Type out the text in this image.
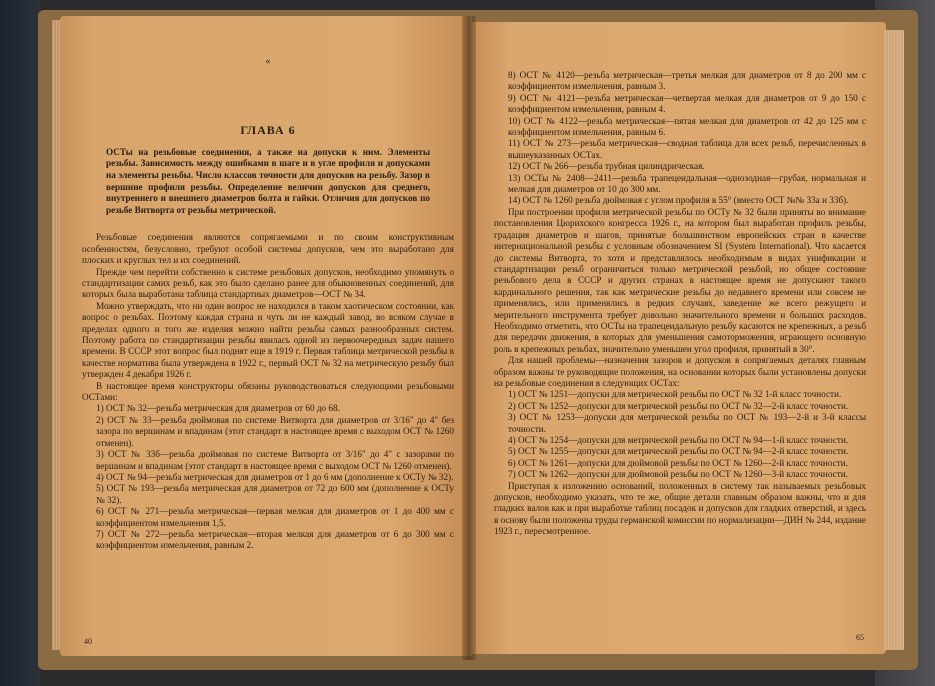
«
ГЛАВА 6
ОСТы на резьбовые соединения, а также на допуски к ним. Элементы резьбы. Зависимость между ошибками в шаге и в угле профиля и допусками на элементы резьбы. Число классов точности для допусков на резьбу. Зазор в вершине профиля резьбы. Определение величин допусков для среднего, внутреннего и внешнего диаметров болта и гайки. Отличия для допусков по резьбе Витворта от резьбы метрической.

Резьбовые соединения являются сопрягаемыми и по своим конструктивным особенностям, безусловно, требуют особой системы допусков, чем это выработано для плоских и круглых тел и их соединений.

Прежде чем перейти собственно к системе резьбовых допусков, необходимо упомянуть о стандартизации самих резьб, как это было сделано ранее для обыкновенных соединений, для которых была выработана таблица стандартных диаметров—ОСТ № 34.

Можно утверждать, что ни один вопрос не находился в таком хаотическом состоянии, как вопрос о резьбах. Поэтому каждая страна и чуть ли не каждый завод, во всяком случае в пределах одного и того же изделия можно найти резьбы самых разнообразных систем. Поэтому работа по стандартизации резьбы явилась одной из первоочередных задач нашего времени. В СССР этот вопрос был поднят еще в 1919 г. Первая таблица метрической резьбы в качестве норматива была утверждена в 1922 г., первый ОСТ № 32 на метрическую резьбу был утвержден 4 декабря 1926 г.

В настоящее время конструкторы обязаны руководствоваться следующими резьбовыми ОСТами:

1) ОСТ № 32—резьба метрическая для диаметров от 60 до 68.
2) ОСТ № 33—резьба дюймовая по системе Витворта для диаметров от 3/16" до 4" без зазора по вершинам и впадинам (этот стандарт в настоящее время с выходом ОСТ № 1260 отменен).
3) ОСТ № 33б—резьба дюймовая по системе Витворта от 3/16" до 4" с зазорами по вершинам и впадинам (этот стандарт в настоящее время с выходом ОСТ № 1260 отменен).
4) ОСТ № 94—резьба метрическая для диаметров от 1 до 6 мм (дополнение к ОСТу № 32).
5) ОСТ № 193—резьба метрическая для диаметров от 72 до 600 мм (дополнение к ОСТу № 32).
6) ОСТ № 271—резьба метрическая—первая мелкая для диаметров от 1 до 400 мм с коэффициентом измельчения 1,5.
7) ОСТ № 272—резьба метрическая—вторая мелкая для диаметров от 6 до 300 мм с коэффициентом измельчения, равным 2.
40
8) ОСТ № 4120—резьба метрическая—третья мелкая для диаметров от 8 до 200 мм с коэффициентом измельчения, равным 3.
9) ОСТ № 4121—резьба метрическая—четвертая мелкая для диаметров от 9 до 150 с коэффициентом измельчения, равным 4.
10) ОСТ № 4122—резьба метрическая—пятая мелкая для диаметров от 42 до 125 мм с коэффициентом измельчения, равным 6.
11) ОСТ № 273—резьба метрическая—сводная таблица для всех резьб, перечисленных в вышеуказанных ОСТах.
12) ОСТ № 266—резьба трубная цилиндрическая.
13) ОСТы № 2408—2411—резьба трапецеидальная—однозодная—грубая, нормальная и мелкая для диаметров от 10 до 300 мм.
14) ОСТ № 1260 резьба дюймовая с углом профиля в 55° (вместо ОСТ №№ 33а и 33б).

При построении профиля метрической резьбы по ОСТу № 32 были приняты во внимание постановления Цюрихского конгресса 1926 г., на котором был выработан профиль резьбы, градация диаметров и шагов, принятые большинством европейских стран в качестве интернациональной резьбы с условным обозначением SI (System International). Что касается до системы Витворта, то хотя и представлялось необходимым в видах унификации и стандартизации резьб ограничиться только метрической резьбой, но общее состояние резьбового дела в СССР и других странах в настоящее время не допускают такого кардинального решения, так как метрические резьбы до недавнего времени или совсем не применялись, или применялись в редких случаях, заведение же всего режущего и мерительного инструмента требует довольно значительного времени и больших расходов. Необходимо отметить, что ОСТы на трапецеидальную резьбу касаются не крепежных, а резьб для передачи движения, в которых для уменьшения самоторможения, играющего основную роль в крепежных резьбах, значительно уменьшен угол профиля, принятый в 30°.

Для нашей проблемы—назначения зазоров и допусков в сопрягаемых деталях главным образом важны те руководящие положения, на основании которых были установлены допуски на резьбовые соединения в следующих ОСТах:

1) ОСТ № 1251—допуски для метрической резьбы по ОСТ № 32 1-й класс точности.
2) ОСТ № 1252—допуски для метрической резьбы по ОСТ № 32—2-й класс точности.
3) ОСТ № 1253—допуски для метрической резьбы по ОСТ № 193—2-й и 3-й классы точности.
4) ОСТ № 1254—допуски для метрической резьбы по ОСТ № 94—1-й класс точности.
5) ОСТ № 1255—допуски для метрической резьбы по ОСТ № 94—2-й класс точности.
6) ОСТ № 1261—допуски для дюймовой резьбы по ОСТ № 1260—2-й класс точности.
7) ОСТ № 1262—допуски для дюймовой резьбы по ОСТ № 1260—3-й класс точности.

Приступая к изложению оснований, положенных в систему так называемых резьбовых допусков, необходимо указать, что те же, общие детали главным образом важны, что и для гладких валов как и при выработке таблиц посадок и допусков для гладких отверстий, и здесь в основу были положены труды германской комиссии по нормализации—ДИН № 244, издание 1923 г., пересмотренное.

65
